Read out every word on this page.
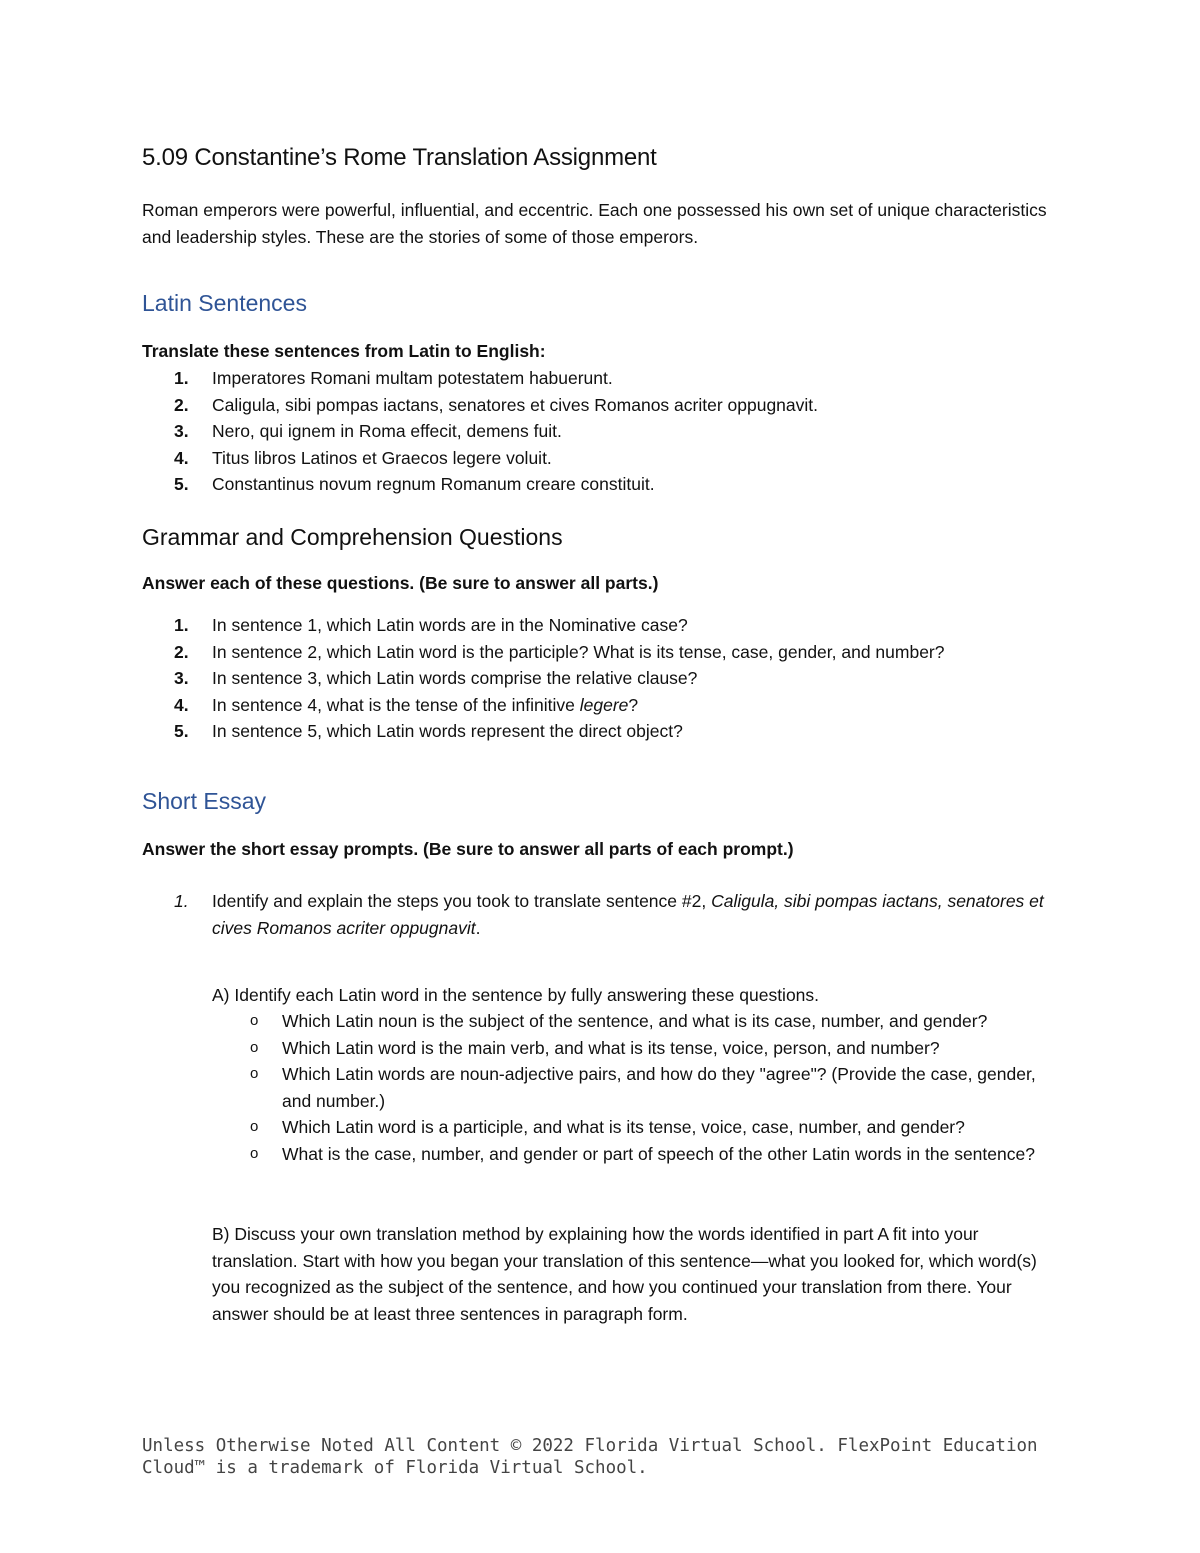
5.09 Constantine’s Rome Translation Assignment

Roman emperors were powerful, influential, and eccentric. Each one possessed his own set of unique characteristics and leadership styles. These are the stories of some of those emperors.

Latin Sentences

Translate these sentences from Latin to English:

1.	Imperatores Romani multam potestatem habuerunt.
2.	Caligula, sibi pompas iactans, senatores et cives Romanos acriter oppugnavit.
3.	Nero, qui ignem in Roma effecit, demens fuit.
4.	Titus libros Latinos et Graecos legere voluit.
5.	Constantinus novum regnum Romanum creare constituit.
Grammar and Comprehension Questions

Answer each of these questions. (Be sure to answer all parts.)

1.	In sentence 1, which Latin words are in the Nominative case?
2.	In sentence 2, which Latin word is the participle? What is its tense, case, gender, and number?
3.	In sentence 3, which Latin words comprise the relative clause?
4.	In sentence 4, what is the tense of the infinitive legere?
5.	In sentence 5, which Latin words represent the direct object?
Short Essay

Answer the short essay prompts. (Be sure to answer all parts of each prompt.)

1. Identify and explain the steps you took to translate sentence #2, Caligula, sibi pompas iactans, senatores et cives Romanos acriter oppugnavit.
A) Identify each Latin word in the sentence by fully answering these questions.
o Which Latin noun is the subject of the sentence, and what is its case, number, and gender?
o Which Latin word is the main verb, and what is its tense, voice, person, and number?
o Which Latin words are noun-adjective pairs, and how do they "agree"? (Provide the case, gender, and number.)
o Which Latin word is a participle, and what is its tense, voice, case, number, and gender?
o What is the case, number, and gender or part of speech of the other Latin words in the sentence?
B) Discuss your own translation method by explaining how the words identified in part A fit into your translation. Start with how you began your translation of this sentence—what you looked for, which word(s) you recognized as the subject of the sentence, and how you continued your translation from there. Your answer should be at least three sentences in paragraph form.
Unless Otherwise Noted All Content © 2022 Florida Virtual School. FlexPoint Education Cloud™ is a trademark of Florida Virtual School.
